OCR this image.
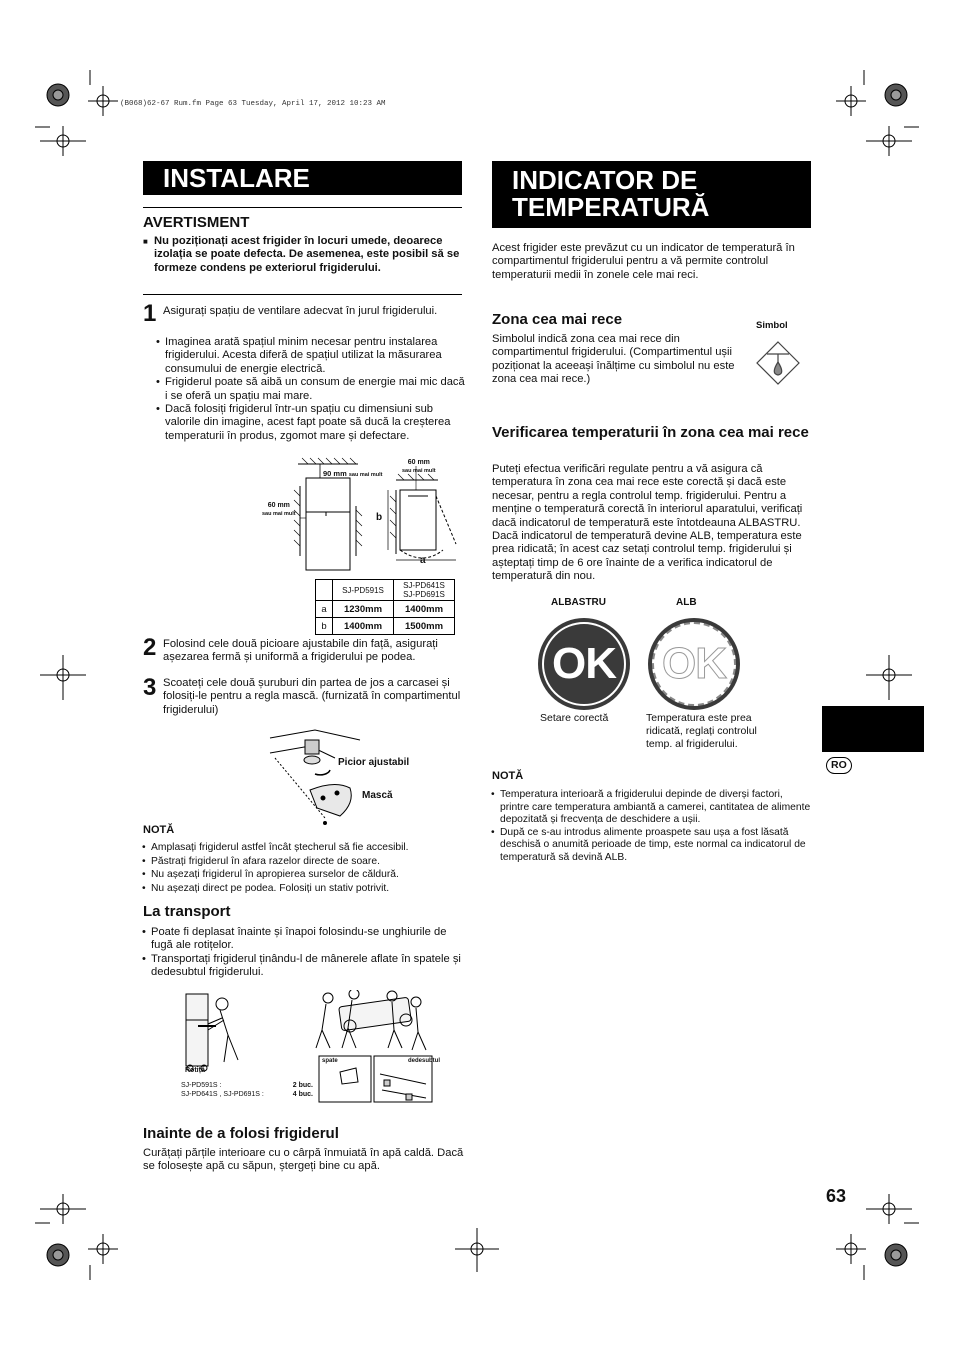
(B068)62-67 Rum.fm Page 63 Tuesday, April 17, 2012 10:23 AM
INSTALARE
AVERTISMENT
■ Nu poziționați acest frigider în locuri umede, deoarece izolația se poate defecta. De asemenea, este posibil să se formeze condens pe exteriorul frigiderului.
1 Asigurați spațiu de ventilare adecvat în jurul frigiderului.
• Imaginea arată spațiul minim necesar pentru instalarea frigiderului. Acesta diferă de spațiul utilizat la măsurarea consumului de energie electrică.
• Frigiderul poate să aibă un consum de energie mai mic dacă i se oferă un spațiu mai mare.
• Dacă folosiți frigiderul într-un spațiu cu dimensiuni sub valorile din imagine, acest fapt poate să ducă la creșterea temperaturii în produs, zgomot mare și defectare.
90 mm sau mai mult
60 mm
sau mai mult
60 mm
sau mai mult	b
a
	SJ-PD591S	SJ-PD641S
SJ-PD691S

a	1230mm	1400mm
b	1400mm	1500mm
2 Folosind cele două picioare ajustabile din față, asigurați așezarea fermă și uniformă a frigiderului pe podea.
3 Scoateți cele două șuruburi din partea de jos a carcasei și folosiți-le pentru a regla mască. (furnizată în compartimentul frigiderului)
Picior ajustabil
Mască
NOTĂ
• Amplasați frigiderul astfel încât ștecherul să fie accesibil.
• Păstrați frigiderul în afara razelor directe de soare.
• Nu așezați frigiderul în apropierea surselor de căldură.
• Nu așezați direct pe podea. Folosiți un stativ potrivit.
La transport
• Poate fi deplasat înainte și înapoi folosindu-se unghiurile de fugă ale rotițelor.
• Transportați frigiderul ținându-l de mânerele aflate în spatele și dedesubtul frigiderului.
Rotiță
spate	dedesubtul
SJ-PD591S :	2 buc.
SJ-PD641S , SJ-PD691S :	4 buc.
Inainte de a folosi frigiderul
Curățați părțile interioare cu o cârpă înmuiată în apă caldă. Dacă se folosește apă cu săpun, ștergeți bine cu apă.
INDICATOR DE
TEMPERATURĂ
Acest frigider este prevăzut cu un indicator de temperatură în compartimentul frigiderului pentru a vă permite controlul temperaturii medii în zonele cele mai reci.
Zona cea mai rece	Simbol
Simbolul indică zona cea mai rece din compartimentul frigiderului. (Compartimentul ușii poziționat la aceeași înălțime cu simbolul nu este zona cea mai rece.)
Verificarea temperaturii în zona cea mai rece
Puteți efectua verificări regulate pentru a vă asigura că temperatura în zona cea mai rece este corectă și dacă este necesar, pentru a regla controlul temp. frigiderului. Pentru a menține o temperatură corectă în interiorul aparatului, verificați dacă indicatorul de temperatură este întotdeauna ALBASTRU. Dacă indicatorul de temperatură devine ALB, temperatura este prea ridicată; în acest caz setați controlul temp. frigiderului și așteptați timp de 6 ore înainte de a verifica indicatorul de temperatură din nou.
ALBASTRU	ALB
OK	OK
Setare corectă	Temperatura este prea ridicată, reglați controlul temp. al frigiderului.
NOTĂ
• Temperatura interioară a frigiderului depinde de diverși factori, printre care temperatura ambiantă a camerei, cantitatea de alimente depozitată și frecvența de deschidere a ușii.
• După ce s-au introdus alimente proaspete sau ușa a fost lăsată deschisă o anumită perioade de timp, este normal ca indicatorul de temperatură să devină ALB.
RO
63
